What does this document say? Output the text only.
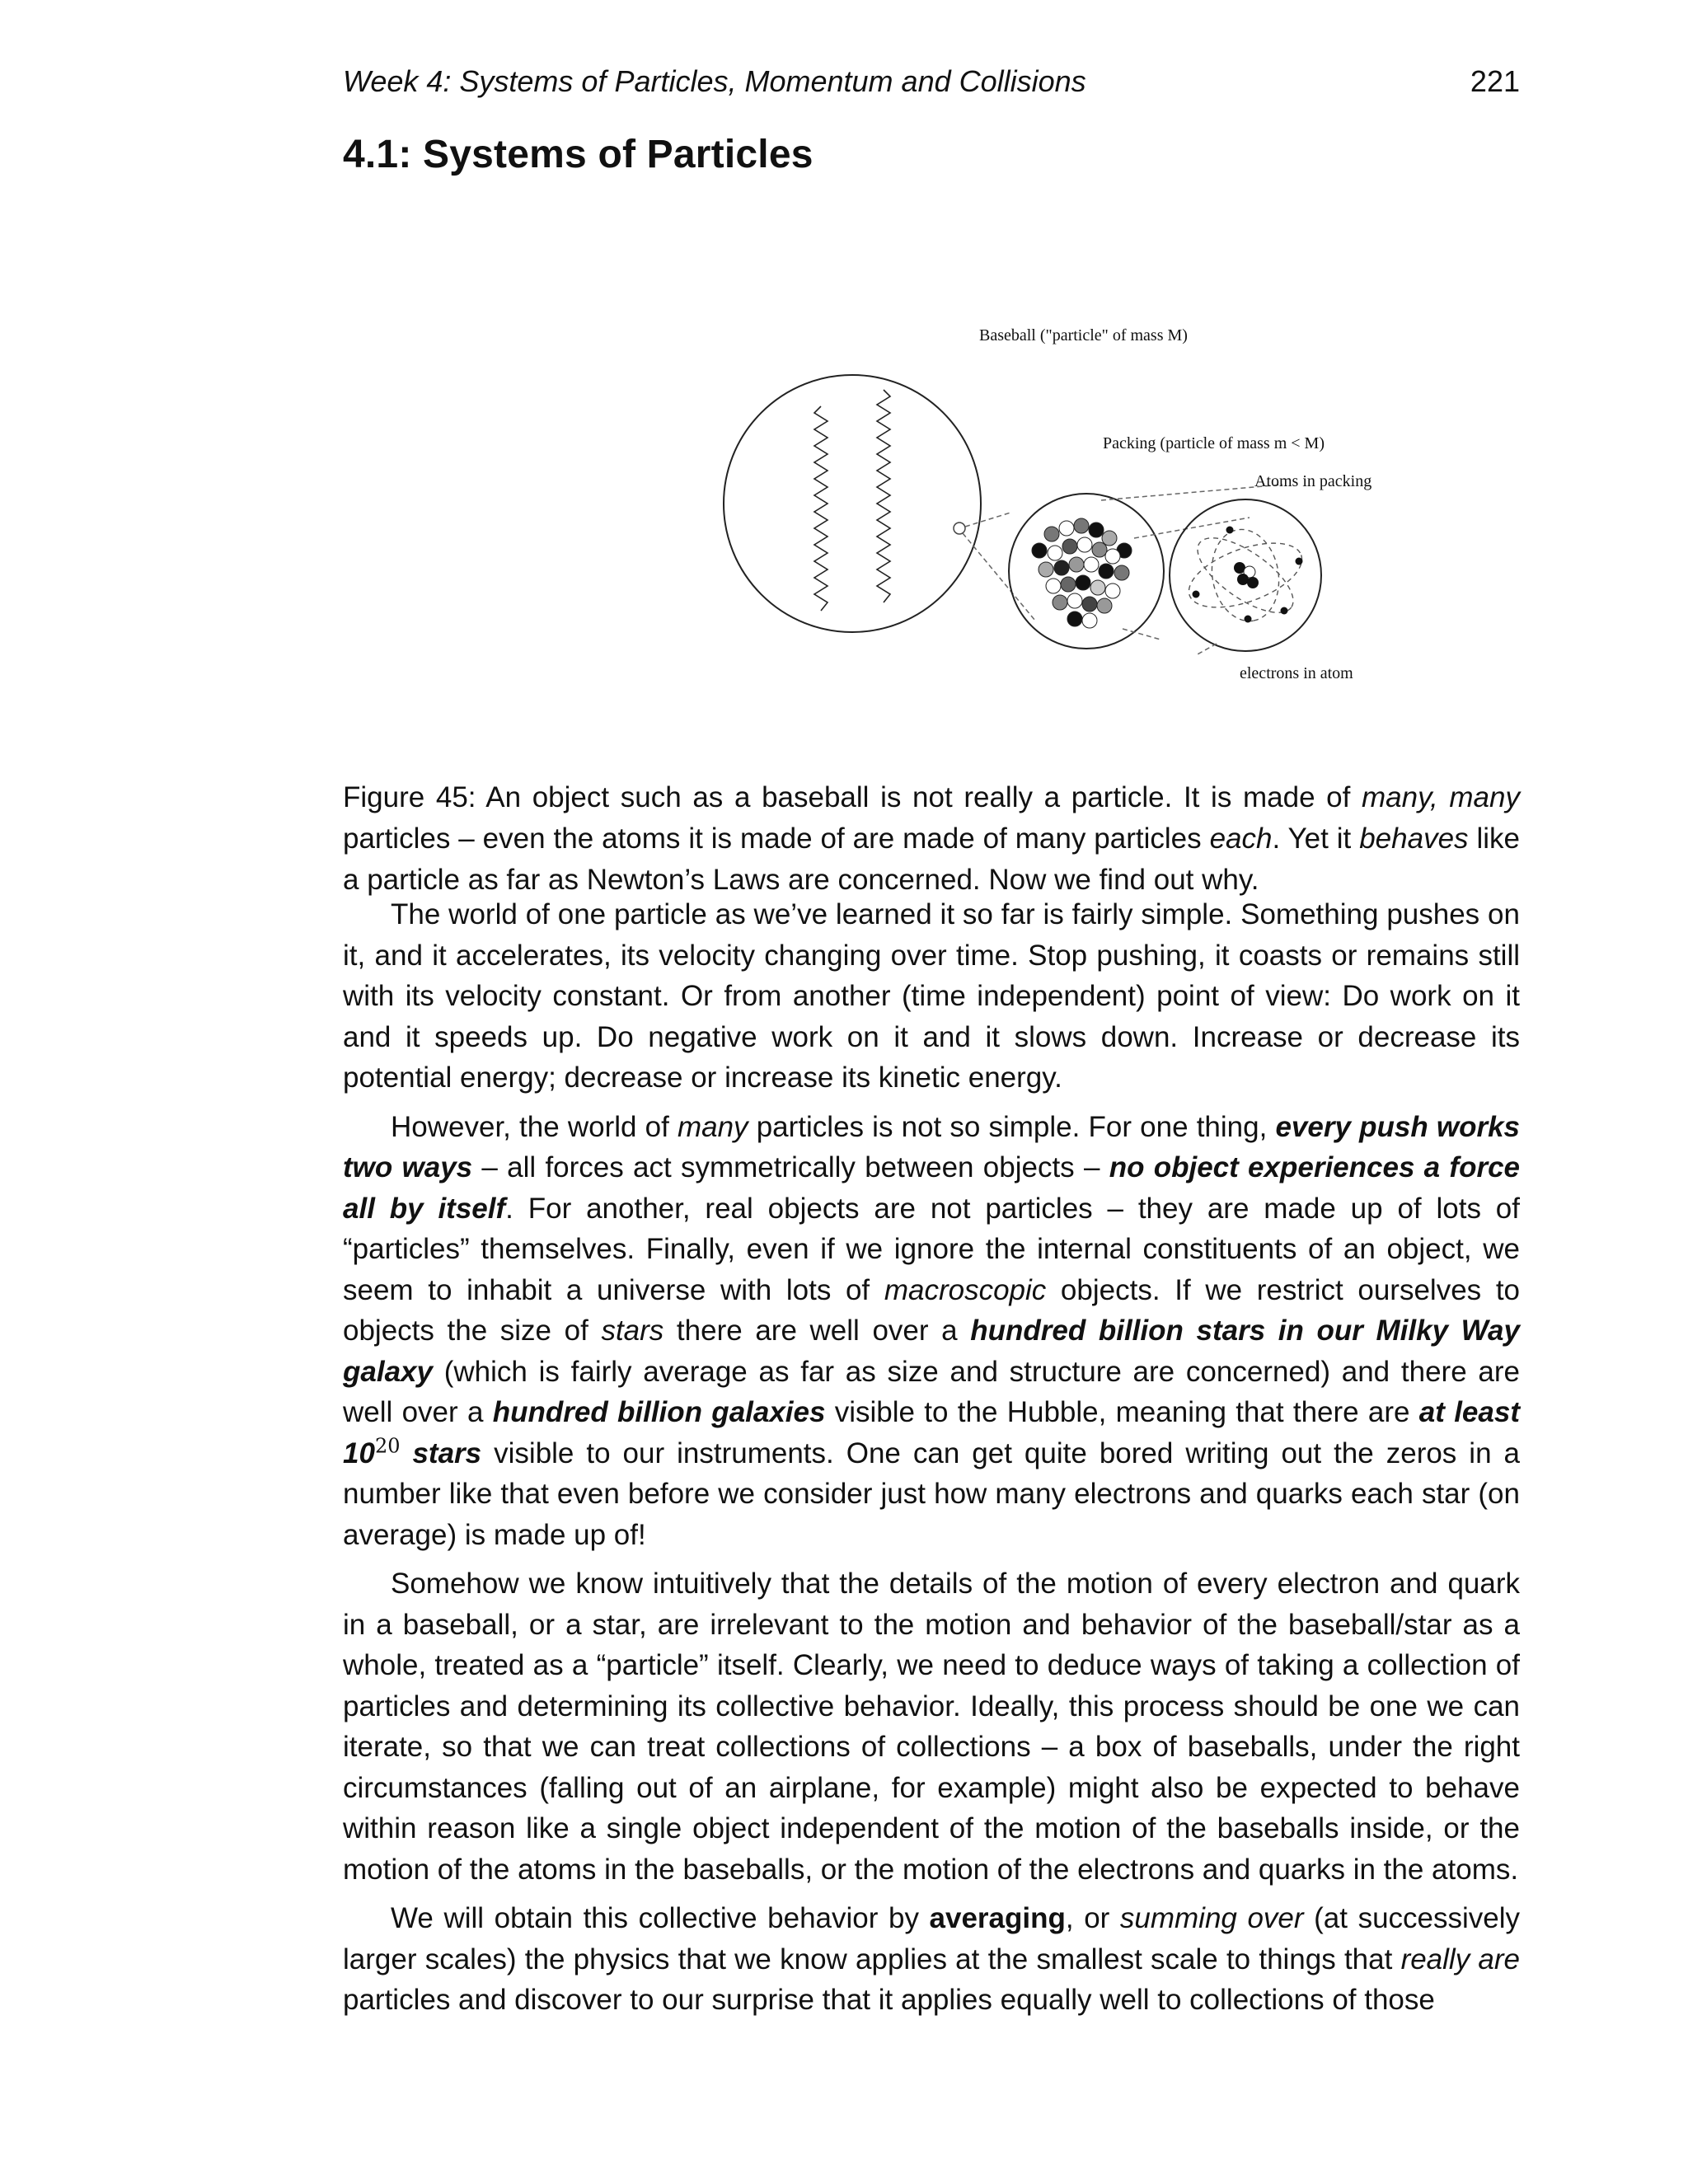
Week 4: Systems of Particles, Momentum and Collisions	221
4.1: Systems of Particles
Baseball ("particle" of mass M)
Packing (particle of mass m < M)
Atoms in packing
electrons in atom

Figure 45: An object such as a baseball is not really a particle. It is made of many, many particles – even the atoms it is made of are made of many particles each. Yet it behaves like a particle as far as Newton’s Laws are concerned. Now we find out why.

The world of one particle as we’ve learned it so far is fairly simple. Something pushes on it, and it accelerates, its velocity changing over time. Stop pushing, it coasts or remains still with its velocity constant. Or from another (time independent) point of view: Do work on it and it speeds up. Do negative work on it and it slows down. Increase or decrease its potential energy; decrease or increase its kinetic energy.

However, the world of many particles is not so simple. For one thing, every push works two ways – all forces act symmetrically between objects – no object experiences a force all by itself. For another, real objects are not particles – they are made up of lots of “particles” themselves. Finally, even if we ignore the internal constituents of an object, we seem to inhabit a universe with lots of macroscopic objects. If we restrict ourselves to objects the size of stars there are well over a hundred billion stars in our Milky Way galaxy (which is fairly average as far as size and structure are concerned) and there are well over a hundred billion galaxies visible to the Hubble, meaning that there are at least $10^{20}$ stars visible to our instruments. One can get quite bored writing out the zeros in a number like that even before we consider just how many electrons and quarks each star (on average) is made up of!

Somehow we know intuitively that the details of the motion of every electron and quark in a baseball, or a star, are irrelevant to the motion and behavior of the baseball/star as a whole, treated as a “particle” itself. Clearly, we need to deduce ways of taking a collection of particles and determining its collective behavior. Ideally, this process should be one we can iterate, so that we can treat collections of collections – a box of baseballs, under the right circumstances (falling out of an airplane, for example) might also be expected to behave within reason like a single object independent of the motion of the baseballs inside, or the motion of the atoms in the baseballs, or the motion of the electrons and quarks in the atoms.

We will obtain this collective behavior by averaging, or summing over (at successively larger scales) the physics that we know applies at the smallest scale to things that really are particles and discover to our surprise that it applies equally well to collections of those
